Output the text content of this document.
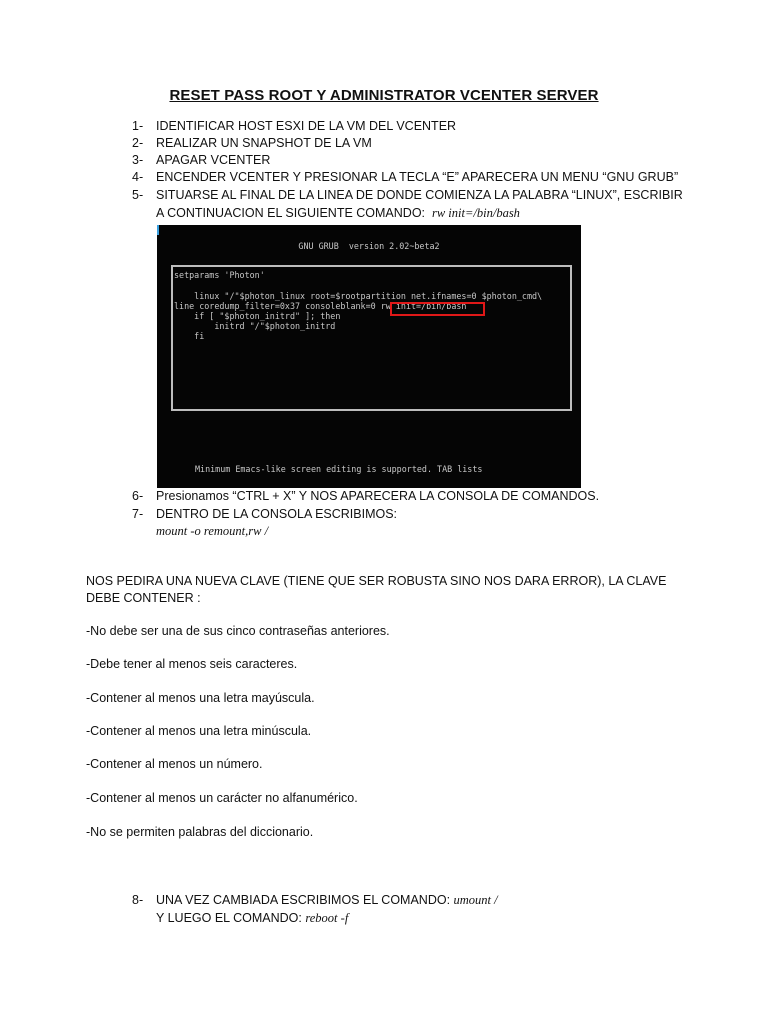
RESET PASS ROOT Y ADMINISTRATOR VCENTER SERVER
1- IDENTIFICAR HOST ESXI DE LA VM DEL VCENTER
2- REALIZAR UN SNAPSHOT DE LA VM
3- APAGAR VCENTER
4- ENCENDER VCENTER Y PRESIONAR LA TECLA “E” APARECERA UN MENU “GNU GRUB”
5- SITUARSE AL FINAL DE LA LINEA DE DONDE COMIENZA LA PALABRA “LINUX”, ESCRIBIR
A CONTINUACION EL SIGUIENTE COMANDO: rw init=/bin/bash
GNU GRUB  version 2.02~beta2
setparams 'Photon'
linux "/"$photon_linux root=$rootpartition net.ifnames=0 $photon_cmd\
line coredump_filter=0x37 consoleblank=0 rw init=/bin/bash
if [ "$photon_initrd" ]; then
initrd "/"$photon_initrd
fi

Minimum Emacs-like screen editing is supported. TAB lists

6- Presionamos “CTRL + X” Y NOS APARECERA LA CONSOLA DE COMANDOS.
7- DENTRO DE LA CONSOLA ESCRIBIMOS:
mount -o remount,rw /
NOS PEDIRA UNA NUEVA CLAVE (TIENE QUE SER ROBUSTA SINO NOS DARA ERROR), LA CLAVE
DEBE CONTENER :
-No debe ser una de sus cinco contraseñas anteriores.
-Debe tener al menos seis caracteres.
-Contener al menos una letra mayúscula.
-Contener al menos una letra minúscula.
-Contener al menos un número.
-Contener al menos un carácter no alfanumérico.
-No se permiten palabras del diccionario.
8- UNA VEZ CAMBIADA ESCRIBIMOS EL COMANDO: umount /
Y LUEGO EL COMANDO: reboot -f
